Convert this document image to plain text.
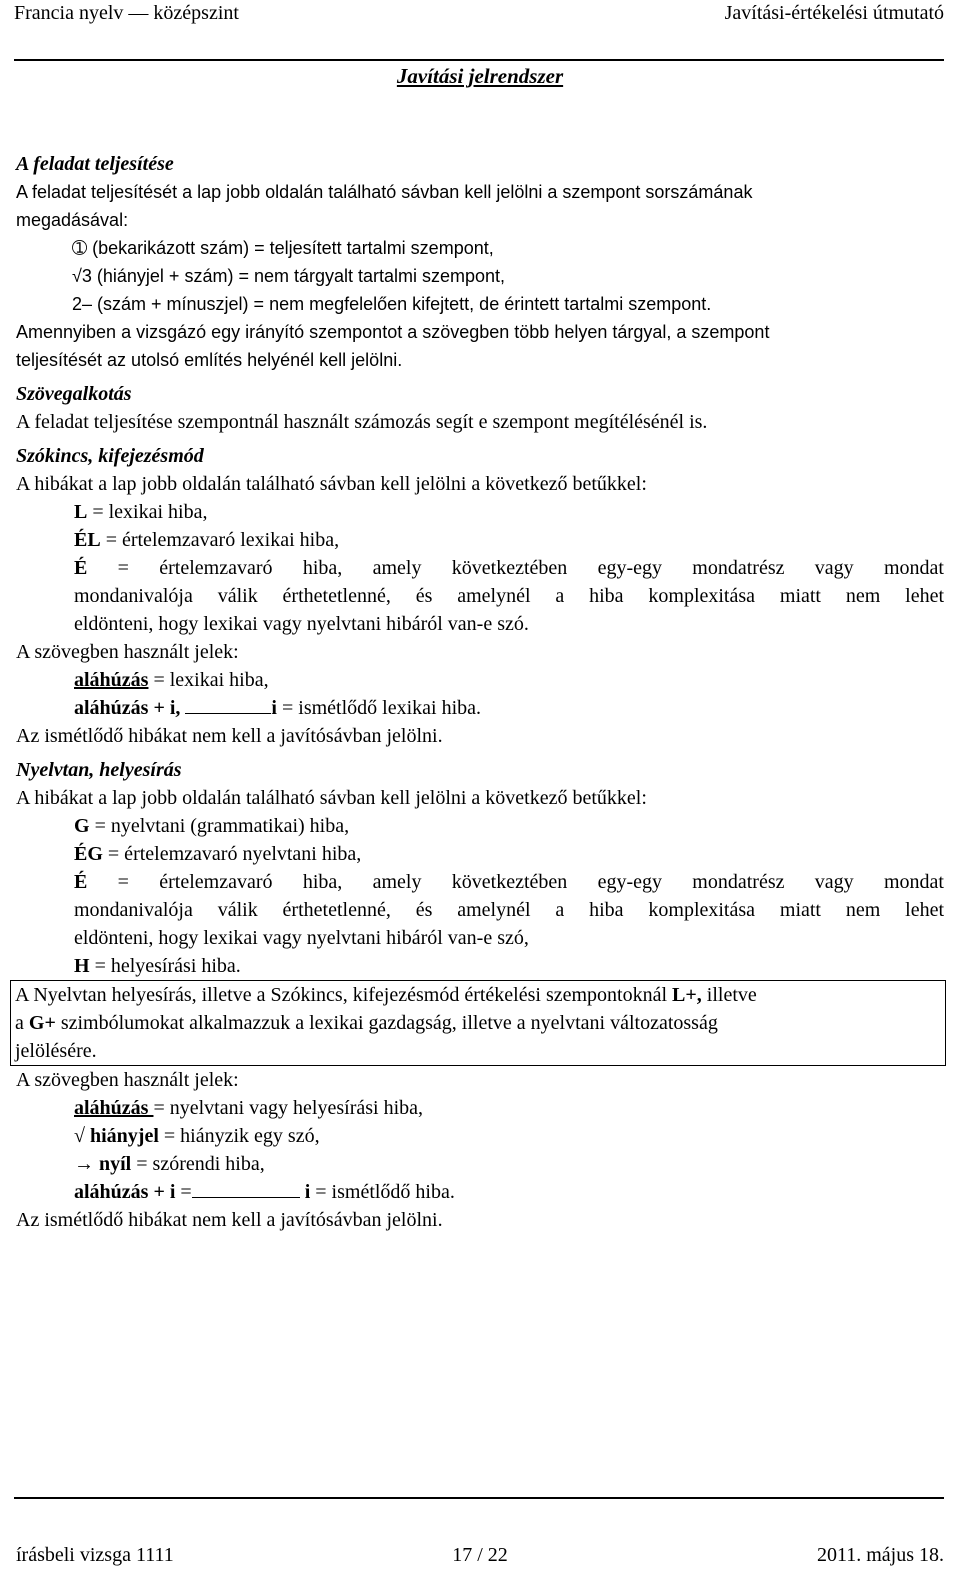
Francia nyelv — középszint	Javítási-értékelési útmutató
Javítási jelrendszer
A feladat teljesítése
A feladat teljesítését a lap jobb oldalán található sávban kell jelölni a szempont sorszámának
megadásával:
➀ (bekarikázott szám) = teljesített tartalmi szempont,
√3 (hiányjel + szám) = nem tárgyalt tartalmi szempont,
2– (szám + mínuszjel) = nem megfelelően kifejtett, de érintett tartalmi szempont.
Amennyiben a vizsgázó egy irányító szempontot a szövegben több helyen tárgyal, a szempont
teljesítését az utolsó említés helyénél kell jelölni.
Szövegalkotás
A feladat teljesítése szempontnál használt számozás segít e szempont megítélésénél is.
Szókincs, kifejezésmód
A hibákat a lap jobb oldalán található sávban kell jelölni a következő betűkkel:
L = lexikai hiba,
ÉL = értelemzavaró lexikai hiba,
É = értelemzavaró hiba, amely következtében egy-egy mondatrész vagy mondat
mondanivalója válik érthetetlenné, és amelynél a hiba komplexitása miatt nem lehet
eldönteni, hogy lexikai vagy nyelvtani hibáról van-e szó.
A szövegben használt jelek:
aláhúzás = lexikai hiba,
aláhúzás + i,	i = ismétlődő lexikai hiba.
Az ismétlődő hibákat nem kell a javítósávban jelölni.
Nyelvtan, helyesírás
A hibákat a lap jobb oldalán található sávban kell jelölni a következő betűkkel:
G = nyelvtani (grammatikai) hiba,
ÉG = értelemzavaró nyelvtani hiba,
É = értelemzavaró hiba, amely következtében egy-egy mondatrész vagy mondat
mondanivalója válik érthetetlenné, és amelynél a hiba komplexitása miatt nem lehet
eldönteni, hogy lexikai vagy nyelvtani hibáról van-e szó,
H = helyesírási hiba.
A Nyelvtan helyesírás, illetve a Szókincs, kifejezésmód értékelési szempontoknál L+, illetve
a G+ szimbólumokat alkalmazzuk a lexikai gazdagság, illetve a nyelvtani változatosság
jelölésére.
A szövegben használt jelek:
aláhúzás = nyelvtani vagy helyesírási hiba,
√ hiányjel = hiányzik egy szó,
→ nyíl = szórendi hiba,
aláhúzás + i =	i = ismétlődő hiba.
Az ismétlődő hibákat nem kell a javítósávban jelölni.
írásbeli vizsga 1111	17 / 22	2011. május 18.
